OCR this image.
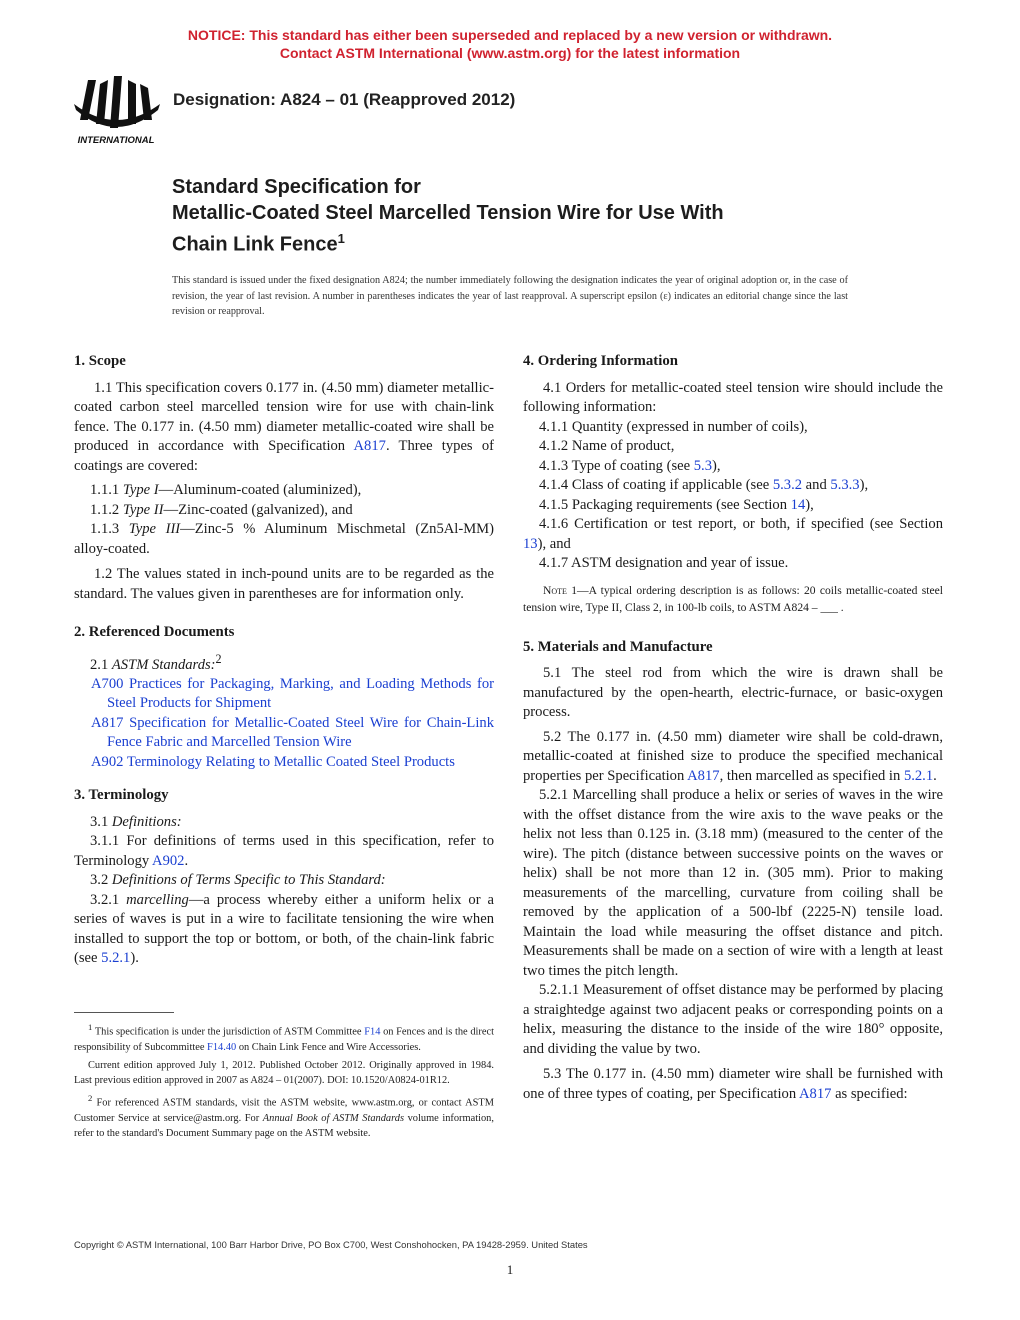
NOTICE: This standard has either been superseded and replaced by a new version or withdrawn.
Contact ASTM International (www.astm.org) for the latest information
INTERNATIONAL
Designation: A824 – 01 (Reapproved 2012)
Standard Specification for
Metallic-Coated Steel Marcelled Tension Wire for Use With
Chain Link Fence$^1$
This standard is issued under the fixed designation A824; the number immediately following the designation indicates the year of original adoption or, in the case of revision, the year of last revision. A number in parentheses indicates the year of last reapproval. A superscript epsilon (ε) indicates an editorial change since the last revision or reapproval.
1. Scope

1.1 This specification covers 0.177 in. (4.50 mm) diameter metallic-coated carbon steel marcelled tension wire for use with chain-link fence. The 0.177 in. (4.50 mm) diameter metallic-coated wire shall be produced in accordance with Specification A817. Three types of coatings are covered:

1.1.1 Type I—Aluminum-coated (aluminized),

1.1.2 Type II—Zinc-coated (galvanized), and

1.1.3 Type III—Zinc-5 % Aluminum Mischmetal (Zn5Al-MM) alloy-coated.

1.2 The values stated in inch-pound units are to be regarded as the standard. The values given in parentheses are for information only.

2. Referenced Documents

2.1 ASTM Standards:$^2$

A700 Practices for Packaging, Marking, and Loading Methods for Steel Products for Shipment

A817 Specification for Metallic-Coated Steel Wire for Chain-Link Fence Fabric and Marcelled Tension Wire

A902 Terminology Relating to Metallic Coated Steel Products

3. Terminology

3.1 Definitions:

3.1.1 For definitions of terms used in this specification, refer to Terminology A902.

3.2 Definitions of Terms Specific to This Standard:

3.2.1 marcelling—a process whereby either a uniform helix or a series of waves is put in a wire to facilitate tensioning the wire when installed to support the top or bottom, or both, of the chain-link fabric (see 5.2.1).

4. Ordering Information

4.1 Orders for metallic-coated steel tension wire should include the following information:

4.1.1 Quantity (expressed in number of coils),

4.1.2 Name of product,

4.1.3 Type of coating (see 5.3),

4.1.4 Class of coating if applicable (see 5.3.2 and 5.3.3),

4.1.5 Packaging requirements (see Section 14),

4.1.6 Certification or test report, or both, if specified (see Section 13), and

4.1.7 ASTM designation and year of issue.

Note 1—A typical ordering description is as follows: 20 coils metallic-coated steel tension wire, Type II, Class 2, in 100-lb coils, to ASTM A824 – ___ .

5. Materials and Manufacture

5.1 The steel rod from which the wire is drawn shall be manufactured by the open-hearth, electric-furnace, or basic-oxygen process.

5.2 The 0.177 in. (4.50 mm) diameter wire shall be cold-drawn, metallic-coated at finished size to produce the specified mechanical properties per Specification A817, then marcelled as specified in 5.2.1.

5.2.1 Marcelling shall produce a helix or series of waves in the wire with the offset distance from the wire axis to the wave peaks or the helix not less than 0.125 in. (3.18 mm) (measured to the center of the wire). The pitch (distance between successive points on the waves or helix) shall be not more than 12 in. (305 mm). Prior to making measurements of the marcelling, curvature from coiling shall be removed by the application of a 500-lbf (2225-N) tensile load. Maintain the load while measuring the offset distance and pitch. Measurements shall be made on a section of wire with a length at least two times the pitch length.

5.2.1.1 Measurement of offset distance may be performed by placing a straightedge against two adjacent peaks or corresponding points on a helix, measuring the distance to the inside of the wire 180° opposite, and dividing the value by two.

5.3 The 0.177 in. (4.50 mm) diameter wire shall be furnished with one of three types of coating, per Specification A817 as specified:

$^1$ This specification is under the jurisdiction of ASTM Committee F14 on Fences and is the direct responsibility of Subcommittee F14.40 on Chain Link Fence and Wire Accessories.

Current edition approved July 1, 2012. Published October 2012. Originally approved in 1984. Last previous edition approved in 2007 as A824 – 01(2007). DOI: 10.1520/A0824-01R12.

$^2$ For referenced ASTM standards, visit the ASTM website, www.astm.org, or contact ASTM Customer Service at service@astm.org. For Annual Book of ASTM Standards volume information, refer to the standard's Document Summary page on the ASTM website.

Copyright © ASTM International, 100 Barr Harbor Drive, PO Box C700, West Conshohocken, PA 19428-2959. United States
1
